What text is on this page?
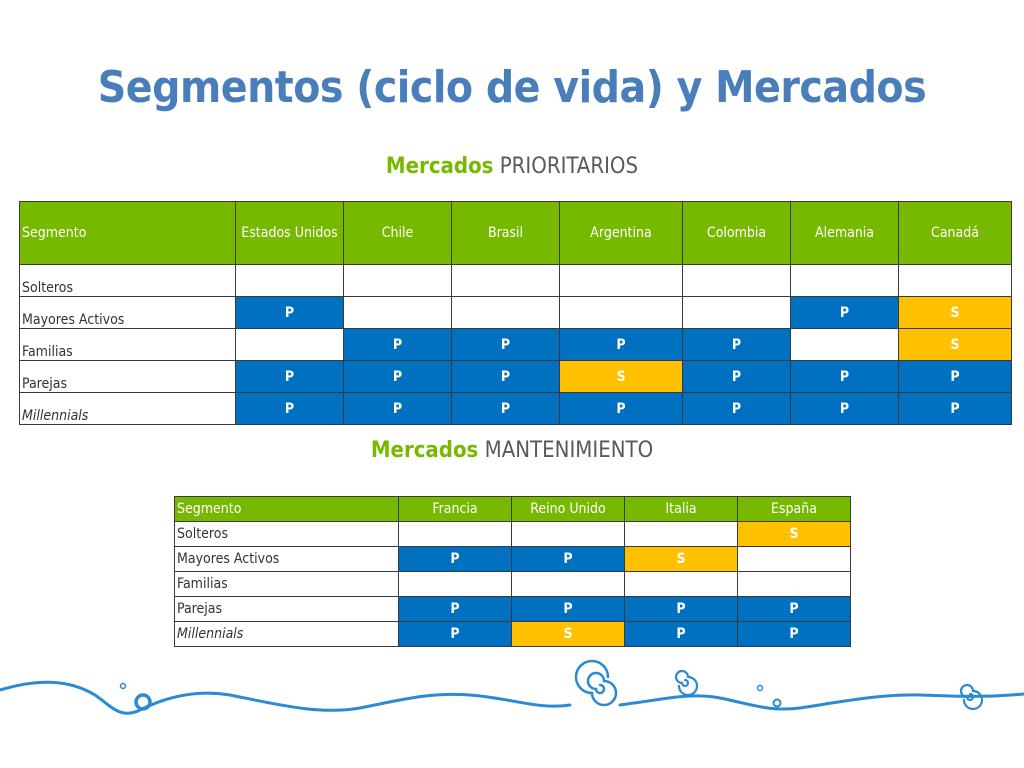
Segmentos (ciclo de vida) y Mercados
Mercados PRIORITARIOS
Segmento	Estados Unidos	Chile	Brasil	Argentina	Colombia	Alemania	Canadá
Solteros							
Mayores Activos	P					P	S
Familias		P	P	P	P		S
Parejas	P	P	P	S	P	P	P
Millennials	P	P	P	P	P	P	P
Mercados MANTENIMIENTO
Segmento	Francia	Reino Unido	Italia	España
Solteros				S
Mayores Activos	P	P	S	
Familias				
Parejas	P	P	P	P
Millennials	P	S	P	P
